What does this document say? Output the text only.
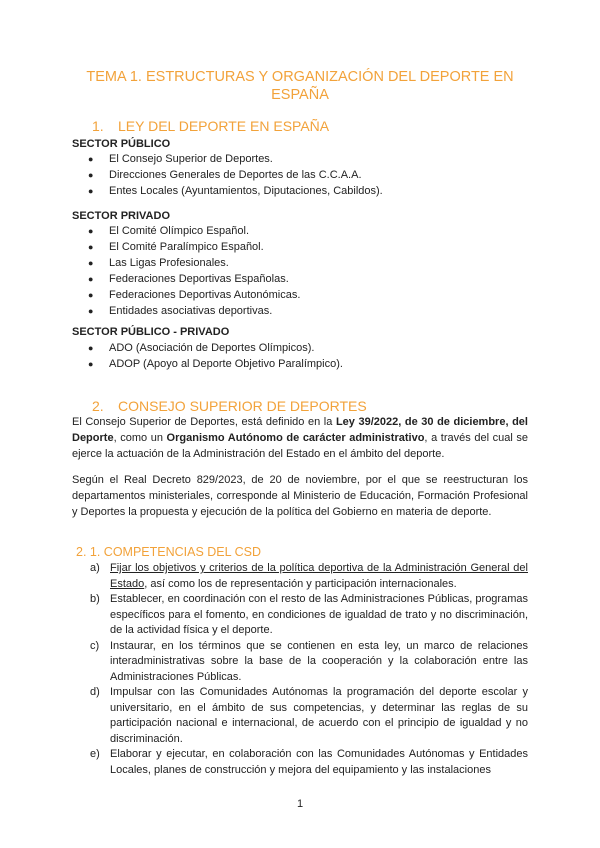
TEMA 1. ESTRUCTURAS Y ORGANIZACIÓN DEL DEPORTE EN ESPAÑA
1. LEY DEL DEPORTE EN ESPAÑA
SECTOR PÚBLICO
● El Consejo Superior de Deportes.
● Direcciones Generales de Deportes de las C.C.A.A.
● Entes Locales (Ayuntamientos, Diputaciones, Cabildos).
SECTOR PRIVADO
● El Comité Olímpico Español.
● El Comité Paralímpico Español.
● Las Ligas Profesionales.
● Federaciones Deportivas Españolas.
● Federaciones Deportivas Autonómicas.
● Entidades asociativas deportivas.
SECTOR PÚBLICO - PRIVADO
● ADO (Asociación de Deportes Olímpicos).
● ADOP (Apoyo al Deporte Objetivo Paralímpico).
2. CONSEJO SUPERIOR DE DEPORTES
El Consejo Superior de Deportes, está definido en la Ley 39/2022, de 30 de diciembre, del Deporte, como un Organismo Autónomo de carácter administrativo, a través del cual se ejerce la actuación de la Administración del Estado en el ámbito del deporte.
Según el Real Decreto 829/2023, de 20 de noviembre, por el que se reestructuran los departamentos ministeriales, corresponde al Ministerio de Educación, Formación Profesional y Deportes la propuesta y ejecución de la política del Gobierno en materia de deporte.
2. 1. COMPETENCIAS DEL CSD
a) Fijar los objetivos y criterios de la política deportiva de la Administración General del Estado, así como los de representación y participación internacionales.
b) Establecer, en coordinación con el resto de las Administraciones Públicas, programas específicos para el fomento, en condiciones de igualdad de trato y no discriminación, de la actividad física y el deporte.
c) Instaurar, en los términos que se contienen en esta ley, un marco de relaciones interadministrativas sobre la base de la cooperación y la colaboración entre las Administraciones Públicas.
d) Impulsar con las Comunidades Autónomas la programación del deporte escolar y universitario, en el ámbito de sus competencias, y determinar las reglas de su participación nacional e internacional, de acuerdo con el principio de igualdad y no discriminación.
e) Elaborar y ejecutar, en colaboración con las Comunidades Autónomas y Entidades Locales, planes de construcción y mejora del equipamiento y las instalaciones
1
